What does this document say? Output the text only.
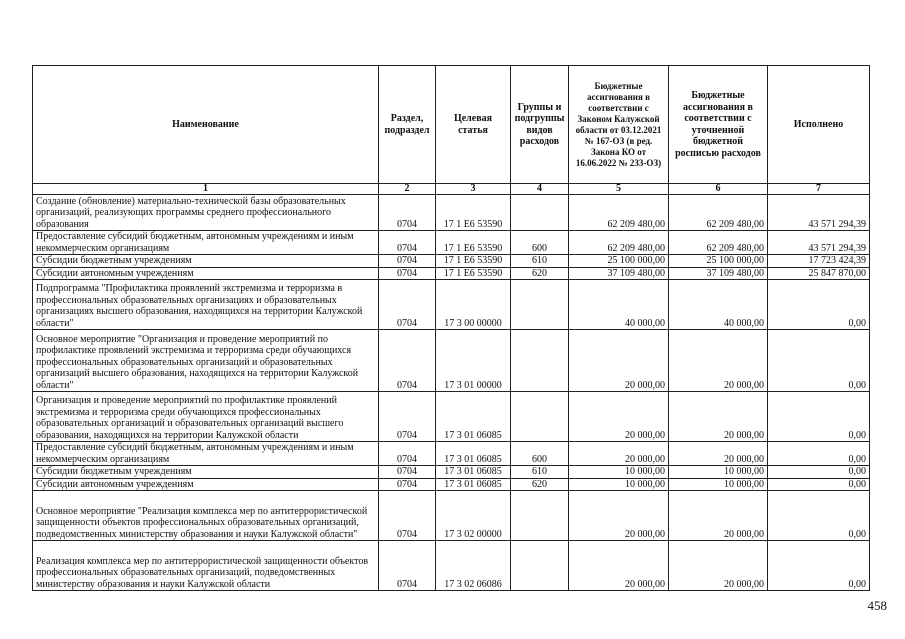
Наименование	Раздел, подраздел	Целевая статья	Группы и подгруппы видов расходов	Бюджетные ассигнования в соответствии с Законом Калужской области от 03.12.2021 № 167-ОЗ (в ред. Закона КО от 16.06.2022 № 233-ОЗ)	Бюджетные ассигнования в соответствии с уточненной бюджетной росписью расходов	Исполнено
1	2	3	4	5	6	7
Создание (обновление) материально-технической базы образовательных организаций, реализующих программы среднего профессионального образования	0704	17 1 Е6 53590		62 209 480,00	62 209 480,00	43 571 294,39
Предоставление субсидий бюджетным, автономным учреждениям и иным некоммерческим организациям	0704	17 1 Е6 53590	600	62 209 480,00	62 209 480,00	43 571 294,39
Субсидии бюджетным учреждениям	0704	17 1 Е6 53590	610	25 100 000,00	25 100 000,00	17 723 424,39
Субсидии автономным учреждениям	0704	17 1 Е6 53590	620	37 109 480,00	37 109 480,00	25 847 870,00
Подпрограмма "Профилактика проявлений экстремизма и терроризма в профессиональных образовательных организациях и образовательных организациях высшего образования, находящихся на территории Калужской области"	0704	17 3 00 00000		40 000,00	40 000,00	0,00
Основное мероприятие "Организация и проведение мероприятий по профилактике проявлений экстремизма и терроризма среди обучающихся профессиональных образовательных организаций и образовательных организаций высшего образования, находящихся на территории Калужской области"	0704	17 3 01 00000		20 000,00	20 000,00	0,00
Организация и проведение мероприятий по профилактике проявлений экстремизма и терроризма среди обучающихся профессиональных образовательных организаций и образовательных организаций высшего образования, находящихся на территории Калужской области	0704	17 3 01 06085		20 000,00	20 000,00	0,00
Предоставление субсидий бюджетным, автономным учреждениям и иным некоммерческим организациям	0704	17 3 01 06085	600	20 000,00	20 000,00	0,00
Субсидии бюджетным учреждениям	0704	17 3 01 06085	610	10 000,00	10 000,00	0,00
Субсидии автономным учреждениям	0704	17 3 01 06085	620	10 000,00	10 000,00	0,00
Основное мероприятие "Реализация комплекса мер по антитеррористической защищенности объектов профессиональных образовательных организаций, подведомственных министерству образования и науки Калужской области"	0704	17 3 02 00000		20 000,00	20 000,00	0,00
Реализация комплекса мер по антитеррористической защищенности объектов профессиональных образовательных организаций, подведомственных министерству образования и науки Калужской области	0704	17 3 02 06086		20 000,00	20 000,00	0,00
458
